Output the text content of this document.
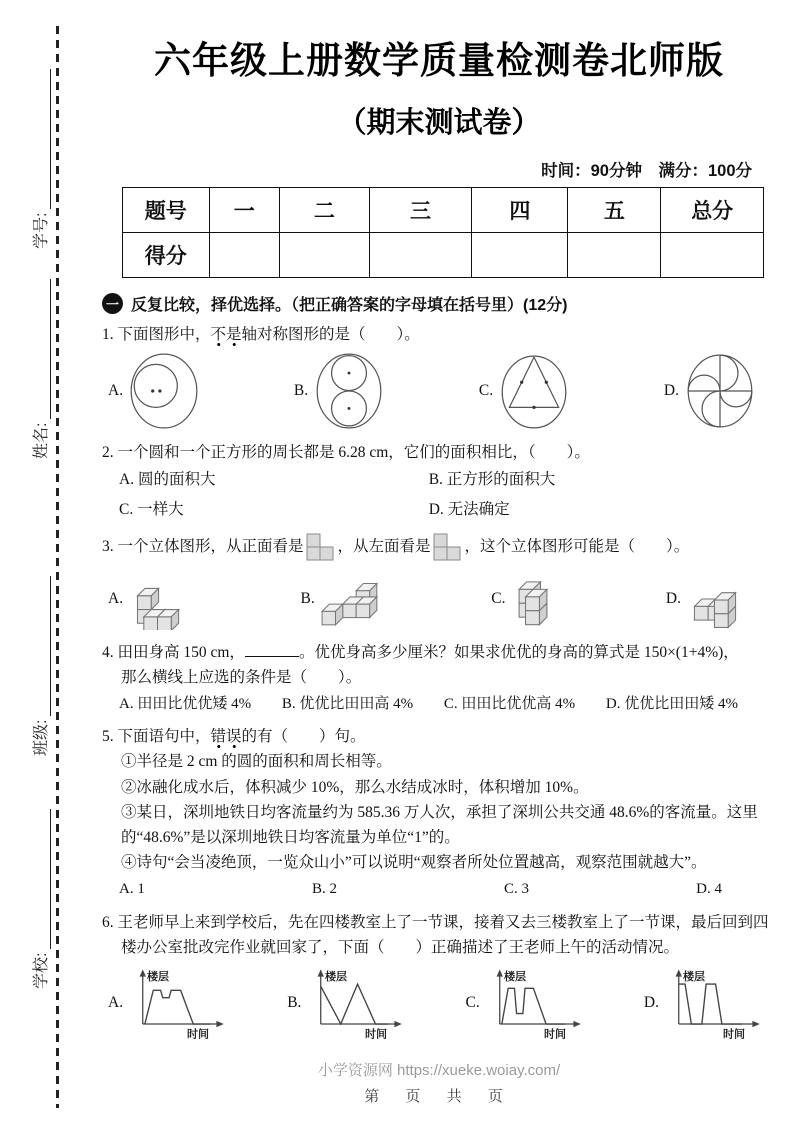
学号:
姓名:
班级:
学校:
六年级上册数学质量检测卷北师版
（期末测试卷）
时间：90分钟　满分：100分
题号	一	二	三	四	五	总分
得分						
一 反复比较，择优选择。（把正确答案的字母填在括号里）(12分)

1. 下面图形中，不是轴对称图形的是（　　）。

A.	B.	C.	D.

2. 一个圆和一个正方形的周长都是 6.28 cm，它们的面积相比，（　　）。

A. 圆的面积大	B. 正方形的面积大
C. 一样大	D. 无法确定

3. 一个立体图形，从正面看是 ，从左面看是 ，这个立体图形可能是（　　）。

A.	B.	C.	D.

4. 田田身高 150 cm，	。优优身高多少厘米？如果求优优的身高的算式是 150×(1+4%)，

那么横线上应选的条件是（　　）。

A. 田田比优优矮 4% B. 优优比田田高 4% C. 田田比优优高 4% D. 优优比田田矮 4%

5. 下面语句中，错误的有（　　）句。

①半径是 2 cm 的圆的面积和周长相等。

②冰融化成水后，体积减少 10%，那么水结成冰时，体积增加 10%。

③某日，深圳地铁日均客流量约为 585.36 万人次，承担了深圳公共交通 48.6%的客流量。这里的“48.6%”是以深圳地铁日均客流量为单位“1”的。

④诗句“会当凌绝顶，一览众山小”可以说明“观察者所处位置越高，观察范围就越大”。

A. 1	B. 2	C. 3	D. 4

6. 王老师早上来到学校后，先在四楼教室上了一节课，接着又去三楼教室上了一节课，最后回到四楼办公室批改完作业就回家了，下面（　　）正确描述了王老师上午的活动情况。

A.
楼层
时间
B.
楼层
时间
C.
楼层
时间
D.
楼层
时间
小学资源网 https://xueke.woiay.com/
第 页 共 页
